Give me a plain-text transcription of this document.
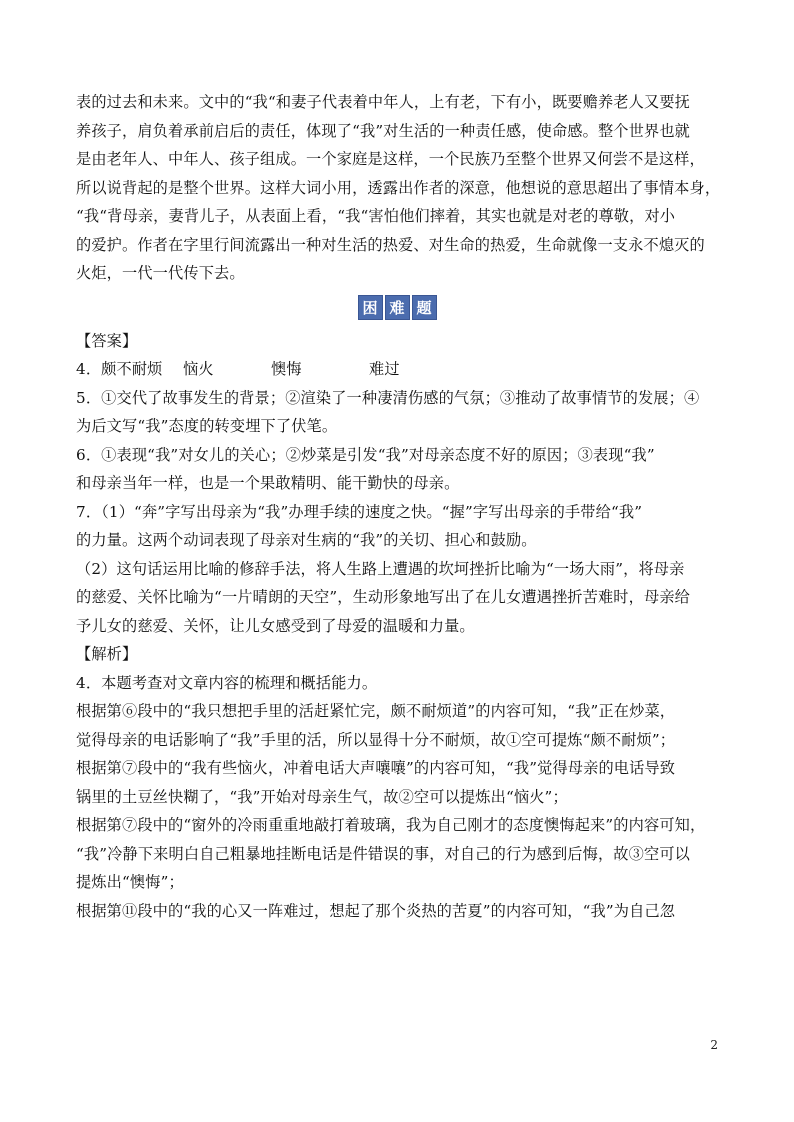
表的过去和未来。文中的“我“和妻子代表着中年人，上有老，下有小，既要赡养老人又要抚
养孩子，肩负着承前启后的责任，体现了“我”对生活的一种责任感，使命感。整个世界也就
是由老年人、中年人、孩子组成。一个家庭是这样，一个民族乃至整个世界又何尝不是这样，
所以说背起的是整个世界。这样大词小用，透露出作者的深意，他想说的意思超出了事情本身，
“我“背母亲，妻背儿子，从表面上看，“我“害怕他们摔着，其实也就是对老的尊敬，对小
的爱护。作者在字里行间流露出一种对生活的热爱、对生命的热爱，生命就像一支永不熄灭的
火炬，一代一代传下去。
困 难 题
【答案】
4．颇不耐烦	恼火	懊悔	难过
5．①交代了故事发生的背景；②渲染了一种凄清伤感的气氛；③推动了故事情节的发展；④
为后文写“我”态度的转变埋下了伏笔。
6．①表现“我”对女儿的关心；②炒菜是引发“我”对母亲态度不好的原因；③表现“我”
和母亲当年一样，也是一个果敢精明、能干勤快的母亲。
7．（1）“奔”字写出母亲为“我”办理手续的速度之快。“握”字写出母亲的手带给“我”
的力量。这两个动词表现了母亲对生病的“我”的关切、担心和鼓励。
（2）这句话运用比喻的修辞手法，将人生路上遭遇的坎坷挫折比喻为“一场大雨”，将母亲
的慈爱、关怀比喻为“一片晴朗的天空”，生动形象地写出了在儿女遭遇挫折苦难时，母亲给
予儿女的慈爱、关怀，让儿女感受到了母爱的温暖和力量。
【解析】
4．本题考查对文章内容的梳理和概括能力。
根据第⑥段中的“我只想把手里的活赶紧忙完，颇不耐烦道”的内容可知，“我”正在炒菜，
觉得母亲的电话影响了“我”手里的活，所以显得十分不耐烦，故①空可提炼“颇不耐烦”；
根据第⑦段中的“我有些恼火，冲着电话大声嚷嚷”的内容可知，“我”觉得母亲的电话导致
锅里的土豆丝快糊了，“我”开始对母亲生气，故②空可以提炼出“恼火”；
根据第⑦段中的“窗外的冷雨重重地敲打着玻璃，我为自己刚才的态度懊悔起来”的内容可知，
“我”冷静下来明白自己粗暴地挂断电话是件错误的事，对自己的行为感到后悔，故③空可以
提炼出“懊悔”；
根据第⑪段中的“我的心又一阵难过，想起了那个炎热的苦夏”的内容可知，“我”为自己忽
2
